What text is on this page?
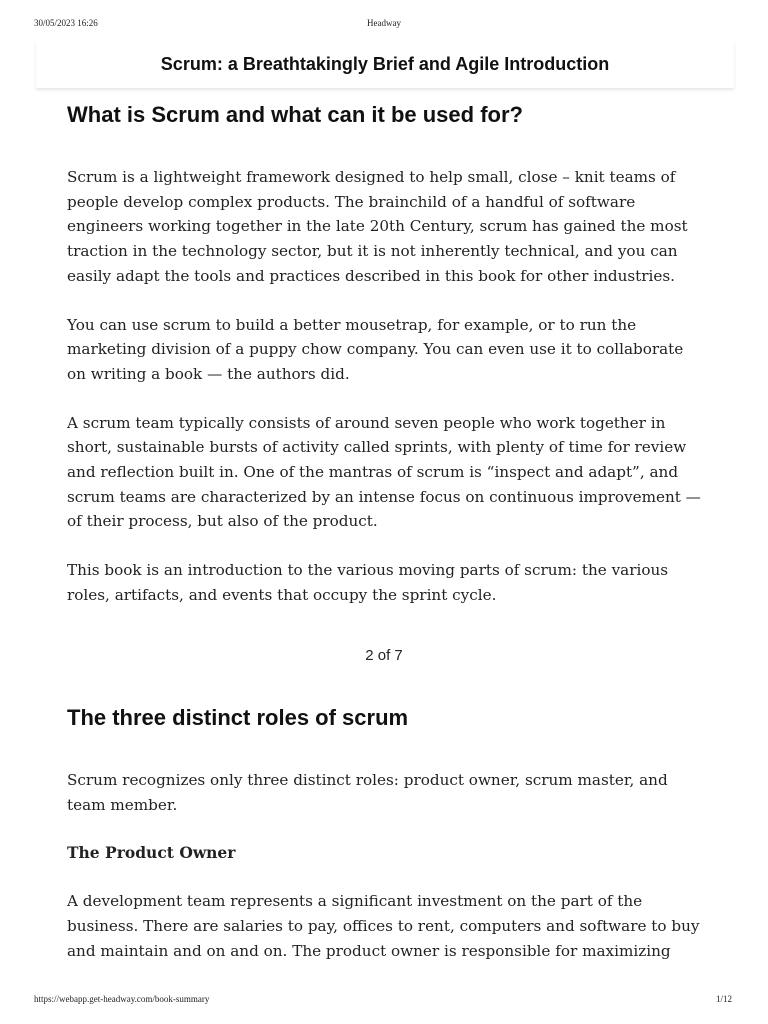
30/05/2023 16:26	Headway
Scrum: a Breathtakingly Brief and Agile Introduction
What is Scrum and what can it be used for?

Scrum is a lightweight framework designed to help small, close – knit teams of people develop complex products. The brainchild of a handful of software engineers working together in the late 20th Century, scrum has gained the most traction in the technology sector, but it is not inherently technical, and you can easily adapt the tools and practices described in this book for other industries.

You can use scrum to build a better mousetrap, for example, or to run the marketing division of a puppy chow company. You can even use it to collaborate on writing a book — the authors did.

A scrum team typically consists of around seven people who work together in short, sustainable bursts of activity called sprints, with plenty of time for review and reflection built in. One of the mantras of scrum is “inspect and adapt”, and scrum teams are characterized by an intense focus on continuous improvement —of their process, but also of the product.

This book is an introduction to the various moving parts of scrum: the various roles, artifacts, and events that occupy the sprint cycle.

2 of 7
The three distinct roles of scrum

Scrum recognizes only three distinct roles: product owner, scrum master, and team member.

The Product Owner

A development team represents a significant investment on the part of the business. There are salaries to pay, offices to rent, computers and software to buy and maintain and on and on. The product owner is responsible for maximizing

https://webapp.get-headway.com/book-summary	1/12
